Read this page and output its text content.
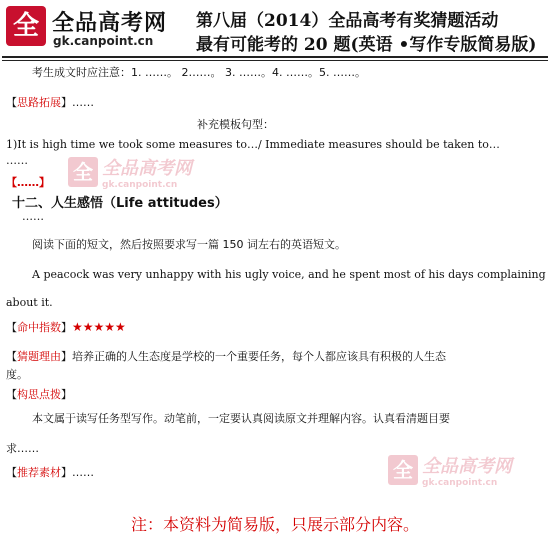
全 全品高考网
gk.canpoint.cn
第八届（2014）全品高考有奖猜题活动
最有可能考的 20 题(英语 •写作专版简易版)
全 全品高考网
gk.canpoint.cn
全 全品高考网
gk.canpoint.cn
考生成文时应注意：1. ……。 2……。 3. ……。4. ……。5. ……。
【思路拓展】……
补充模板句型：
1)It is high time we took some measures to…/ Immediate measures should be taken to…
……
【……】
十二、人生感悟（Life attitudes）
……
阅读下面的短文，然后按照要求写一篇 150 词左右的英语短文。
A peacock was very unhappy with his ugly voice, and he spent most of his days complaining
about it.
【命中指数】★★★★★
【猜题理由】培养正确的人生态度是学校的一个重要任务，每个人都应该具有积极的人生态
度。
【构思点拨】
本文属于读写任务型写作。动笔前，一定要认真阅读原文并理解内容。认真看清题目要
求……
【推荐素材】……
注：本资料为简易版，只展示部分内容。
